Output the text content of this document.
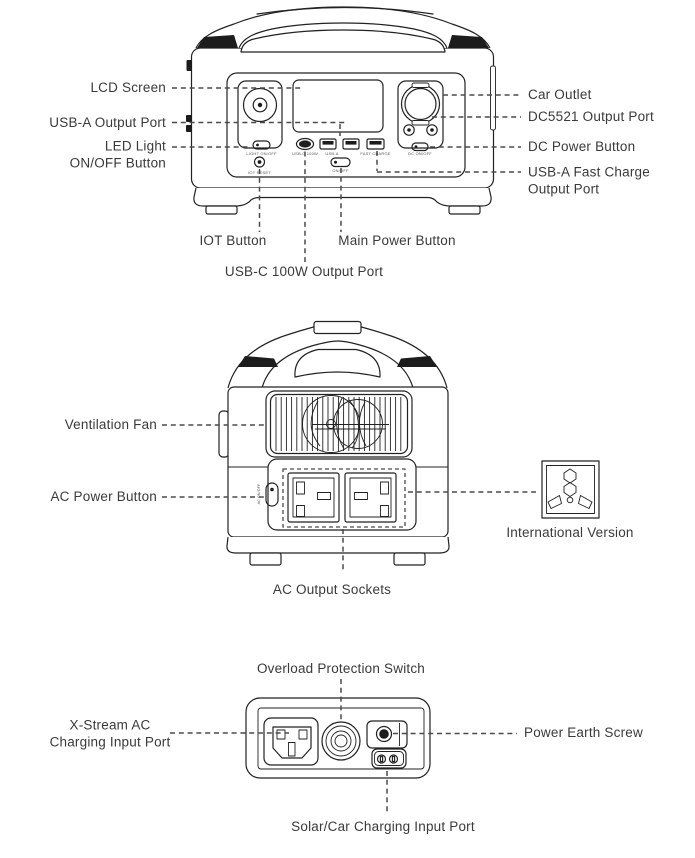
LCD Screen
USB-A Output Port
LED Light
ON/OFF Button
Car Outlet
DC5521 Output Port
DC Power Button
USB-A Fast Charge
Output Port
IOT Button	Main Power Button
USB-C 100W Output Port
Ventilation Fan
AC Power Button
International Version
AC Output Sockets
Overload Protection Switch
X-Stream AC
Charging Input Port
Power Earth Screw
Solar/Car Charging Input Port
LIGHT ON/OFF
IOT RESET
USB-C 100W USB-A	FAST CHARGE	DC ON/OFF
ON/OFF
AC ON/OFF
